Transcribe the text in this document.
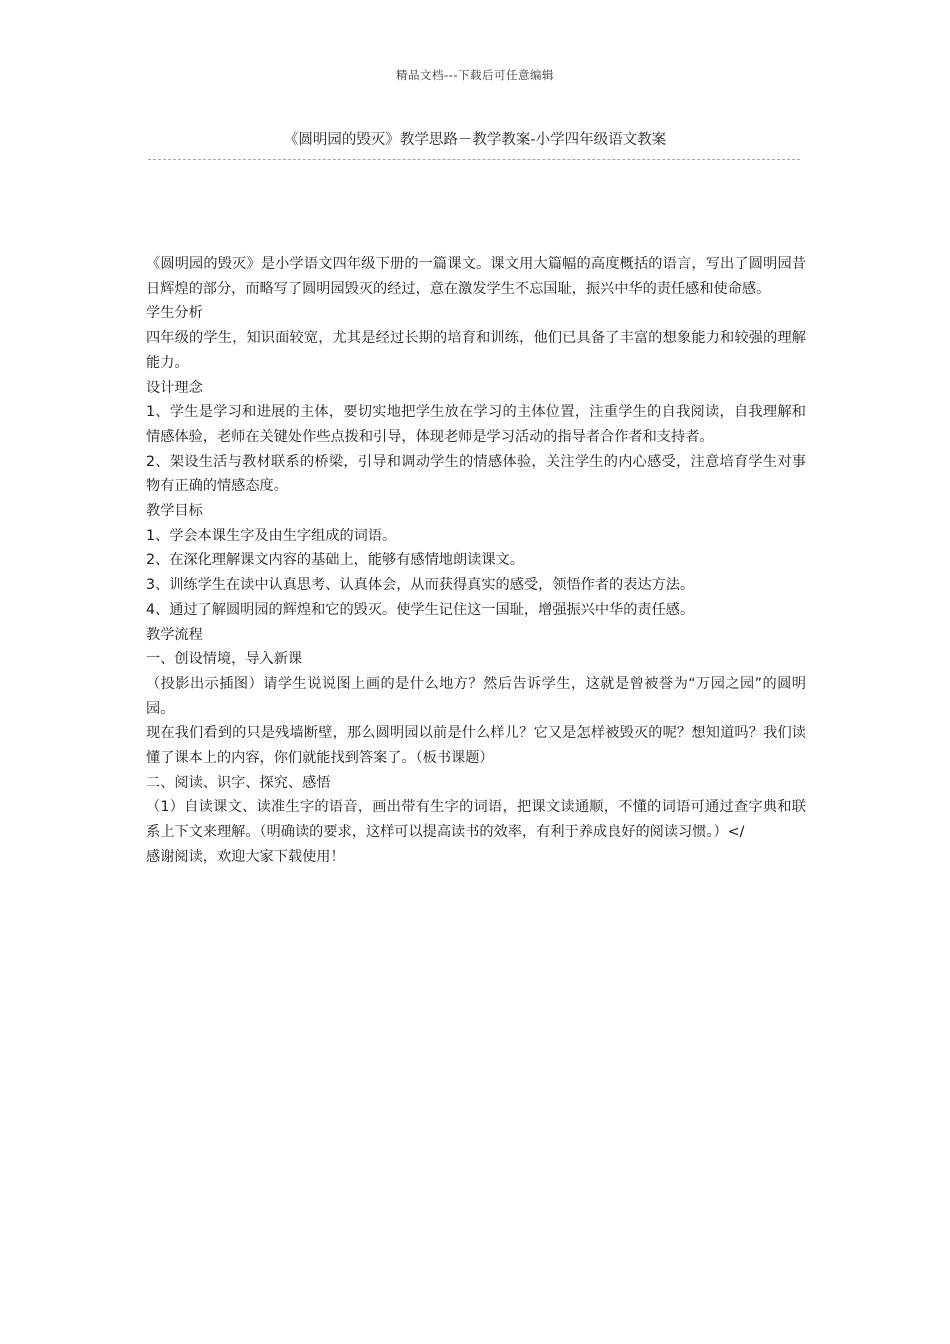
精品文档---下载后可任意编辑
《圆明园的毁灭》教学思路－教学教案-小学四年级语文教案

《圆明园的毁灭》是小学语文四年级下册的一篇课文。课文用大篇幅的高度概括的语言，写出了圆明园昔日辉煌的部分，而略写了圆明园毁灭的经过，意在激发学生不忘国耻，振兴中华的责任感和使命感。

学生分析

四年级的学生，知识面较宽，尤其是经过长期的培育和训练，他们已具备了丰富的想象能力和较强的理解能力。

设计理念

1、学生是学习和进展的主体，要切实地把学生放在学习的主体位置，注重学生的自我阅读，自我理解和情感体验，老师在关键处作些点拨和引导，体现老师是学习活动的指导者合作者和支持者。

2、架设生活与教材联系的桥梁，引导和调动学生的情感体验，关注学生的内心感受，注意培育学生对事物有正确的情感态度。

教学目标

1、学会本课生字及由生字组成的词语。

2、在深化理解课文内容的基础上，能够有感情地朗读课文。

3、训练学生在读中认真思考、认真体会，从而获得真实的感受，领悟作者的表达方法。

4、通过了解圆明园的辉煌和它的毁灭。使学生记住这一国耻，增强振兴中华的责任感。

教学流程

一、创设情境，导入新课

（投影出示插图）请学生说说图上画的是什么地方？然后告诉学生，这就是曾被誉为“万园之园”的圆明园。

现在我们看到的只是残墙断壁，那么圆明园以前是什么样儿？它又是怎样被毁灭的呢？想知道吗？我们读懂了课本上的内容，你们就能找到答案了。（板书课题）

二、阅读、识字、探究、感悟

（1）自读课文、读准生字的语音，画出带有生字的词语，把课文读通顺，不懂的词语可通过查字典和联系上下文来理解。（明确读的要求，这样可以提高读书的效率，有利于养成良好的阅读习惯。）</

感谢阅读，欢迎大家下载使用！
